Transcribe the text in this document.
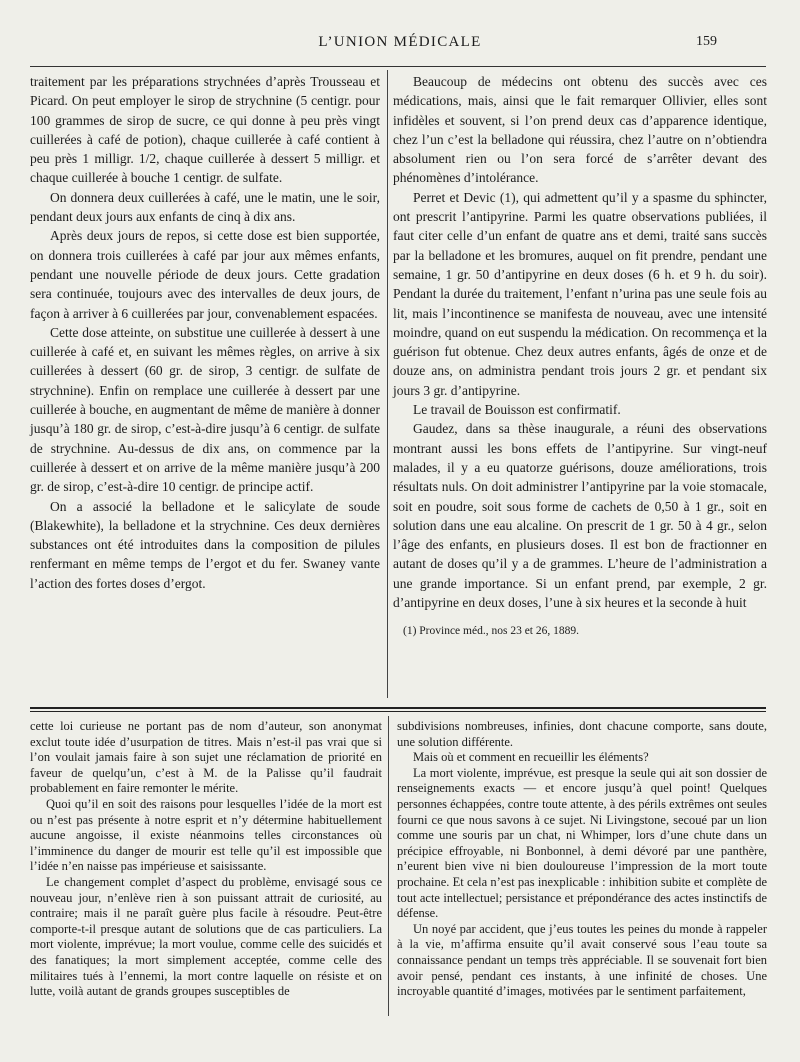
L’UNION MÉDICALE	159

traitement par les préparations strychnées d’après Trousseau et Picard. On peut employer le sirop de strychnine (5 centigr. pour 100 grammes de sirop de sucre, ce qui donne à peu près vingt cuillerées à café de potion), chaque cuillerée à café contient à peu près 1 milligr. 1/2, chaque cuillerée à dessert 5 milligr. et chaque cuillerée à bouche 1 centigr. de sulfate.

On donnera deux cuillerées à café, une le matin, une le soir, pendant deux jours aux enfants de cinq à dix ans.

Après deux jours de repos, si cette dose est bien supportée, on donnera trois cuillerées à café par jour aux mêmes enfants, pendant une nouvelle période de deux jours. Cette gradation sera continuée, toujours avec des intervalles de deux jours, de façon à arriver à 6 cuillerées par jour, convenablement espacées.

Cette dose atteinte, on substitue une cuillerée à dessert à une cuillerée à café et, en suivant les mêmes règles, on arrive à six cuillerées à dessert (60 gr. de sirop, 3 centigr. de sulfate de strychnine). Enfin on remplace une cuillerée à dessert par une cuillerée à bouche, en augmentant de même de manière à donner jusqu’à 180 gr. de sirop, c’est-à-dire jusqu’à 6 centigr. de sulfate de strychnine. Au-dessus de dix ans, on commence par la cuillerée à dessert et on arrive de la même manière jusqu’à 200 gr. de sirop, c’est-à-dire 10 centigr. de principe actif.

On a associé la belladone et le salicylate de soude (Blakewhite), la belladone et la strychnine. Ces deux dernières substances ont été introduites dans la composition de pilules renfermant en même temps de l’ergot et du fer. Swaney vante l’action des fortes doses d’ergot.

Beaucoup de médecins ont obtenu des succès avec ces médications, mais, ainsi que le fait remarquer Ollivier, elles sont infidèles et souvent, si l’on prend deux cas d’apparence identique, chez l’un c’est la belladone qui réussira, chez l’autre on n’obtiendra absolument rien ou l’on sera forcé de s’arrêter devant des phénomènes d’intolérance.

Perret et Devic (1), qui admettent qu’il y a spasme du sphincter, ont prescrit l’antipyrine. Parmi les quatre observations publiées, il faut citer celle d’un enfant de quatre ans et demi, traité sans succès par la belladone et les bromures, auquel on fit prendre, pendant une semaine, 1 gr. 50 d’antipyrine en deux doses (6 h. et 9 h. du soir). Pendant la durée du traitement, l’enfant n’urina pas une seule fois au lit, mais l’incontinence se manifesta de nouveau, avec une intensité moindre, quand on eut suspendu la médication. On recommença et la guérison fut obtenue. Chez deux autres enfants, âgés de onze et de douze ans, on administra pendant trois jours 2 gr. et pendant six jours 3 gr. d’antipyrine.

Le travail de Bouisson est confirmatif.

Gaudez, dans sa thèse inaugurale, a réuni des observations montrant aussi les bons effets de l’antipyrine. Sur vingt-neuf malades, il y a eu quatorze guérisons, douze améliorations, trois résultats nuls. On doit administrer l’antipyrine par la voie stomacale, soit en poudre, soit sous forme de cachets de 0,50 à 1 gr., soit en solution dans une eau alcaline. On prescrit de 1 gr. 50 à 4 gr., selon l’âge des enfants, en plusieurs doses. Il est bon de fractionner en autant de doses qu’il y a de grammes. L’heure de l’administration a une grande importance. Si un enfant prend, par exemple, 2 gr. d’antipyrine en deux doses, l’une à six heures et la seconde à huit

(1) Province méd., nos 23 et 26, 1889.

cette loi curieuse ne portant pas de nom d’auteur, son anonymat exclut toute idée d’usurpation de titres. Mais n’est-il pas vrai que si l’on voulait jamais faire à son sujet une réclamation de priorité en faveur de quelqu’un, c’est à M. de la Palisse qu’il faudrait probablement en faire remonter le mérite.

Quoi qu’il en soit des raisons pour lesquelles l’idée de la mort est ou n’est pas présente à notre esprit et n’y détermine habituellement aucune angoisse, il existe néanmoins telles circonstances où l’imminence du danger de mourir est telle qu’il est impossible que l’idée n’en naisse pas impérieuse et saisissante.

Le changement complet d’aspect du problème, envisagé sous ce nouveau jour, n’enlève rien à son puissant attrait de curiosité, au contraire; mais il ne paraît guère plus facile à résoudre. Peut-être comporte-t-il presque autant de solutions que de cas particuliers. La mort violente, imprévue; la mort voulue, comme celle des suicidés et des fanatiques; la mort simplement acceptée, comme celle des militaires tués à l’ennemi, la mort contre laquelle on résiste et on lutte, voilà autant de grands groupes susceptibles de

subdivisions nombreuses, infinies, dont chacune comporte, sans doute, une solution différente.

Mais où et comment en recueillir les éléments?

La mort violente, imprévue, est presque la seule qui ait son dossier de renseignements exacts — et encore jusqu’à quel point! Quelques personnes échappées, contre toute attente, à des périls extrêmes ont seules fourni ce que nous savons à ce sujet. Ni Livingstone, secoué par un lion comme une souris par un chat, ni Whimper, lors d’une chute dans un précipice effroyable, ni Bonbonnel, à demi dévoré par une panthère, n’eurent bien vive ni bien douloureuse l’impression de la mort toute prochaine. Et cela n’est pas inexplicable : inhibition subite et complète de tout acte intellectuel; persistance et prépondérance des actes instinctifs de défense.

Un noyé par accident, que j’eus toutes les peines du monde à rappeler à la vie, m’affirma ensuite qu’il avait conservé sous l’eau toute sa connaissance pendant un temps très appréciable. Il se souvenait fort bien avoir pensé, pendant ces instants, à une infinité de choses. Une incroyable quantité d’images, motivées par le sentiment parfaitement,
